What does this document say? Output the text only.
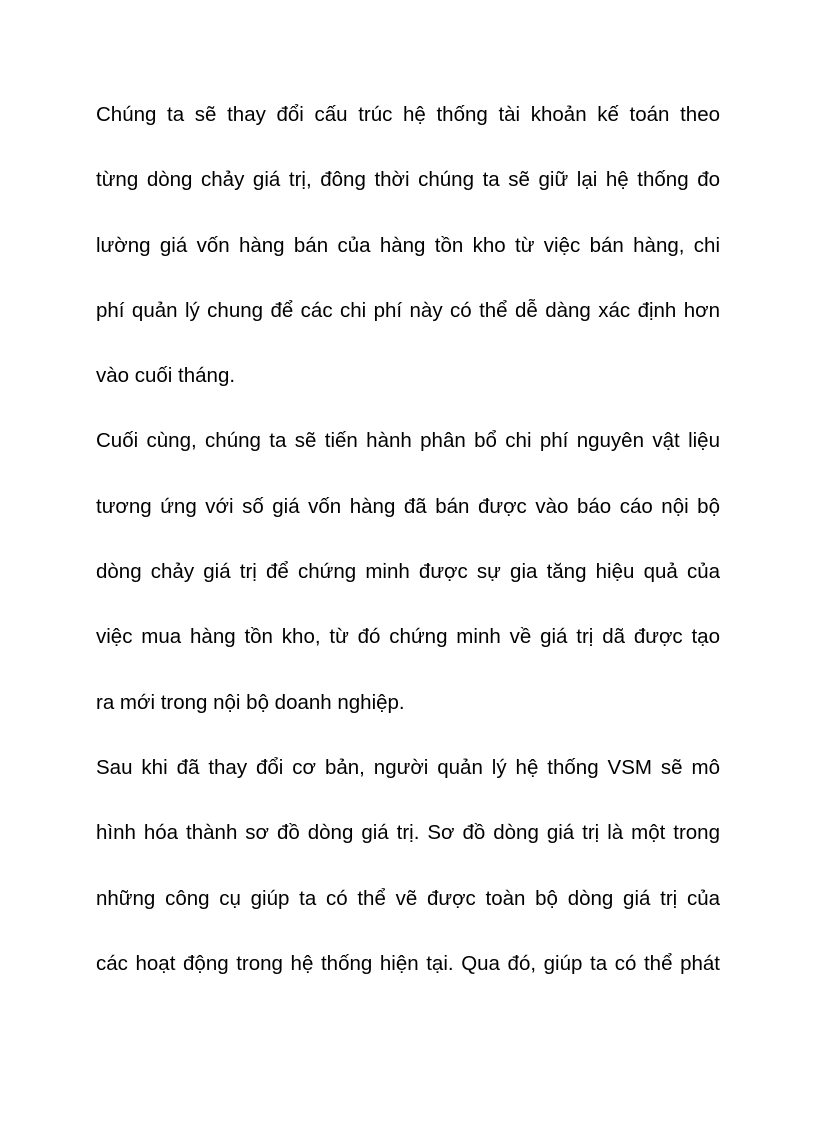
Chúng ta sẽ thay đổi cấu trúc hệ thống tài khoản kế toán theo
từng dòng chảy giá trị, đông thời chúng ta sẽ giữ lại hệ thống đo
lường giá vốn hàng bán của hàng tồn kho từ việc bán hàng, chi
phí quản lý chung để các chi phí này có thể dễ dàng xác định hơn
vào cuối tháng.
Cuối cùng, chúng ta sẽ tiến hành phân bổ chi phí nguyên vật liệu
tương ứng với số giá vốn hàng đã bán được vào báo cáo nội bộ
dòng chảy giá trị để chứng minh được sự gia tăng hiệu quả của
việc mua hàng tồn kho, từ đó chứng minh về giá trị dã được tạo
ra mới trong nội bộ doanh nghiệp.
Sau khi đã thay đổi cơ bản, người quản lý hệ thống VSM sẽ mô
hình hóa thành sơ đồ dòng giá trị. Sơ đồ dòng giá trị là một trong
những công cụ giúp ta có thể vẽ được toàn bộ dòng giá trị của
các hoạt động trong hệ thống hiện tại. Qua đó, giúp ta có thể phát
